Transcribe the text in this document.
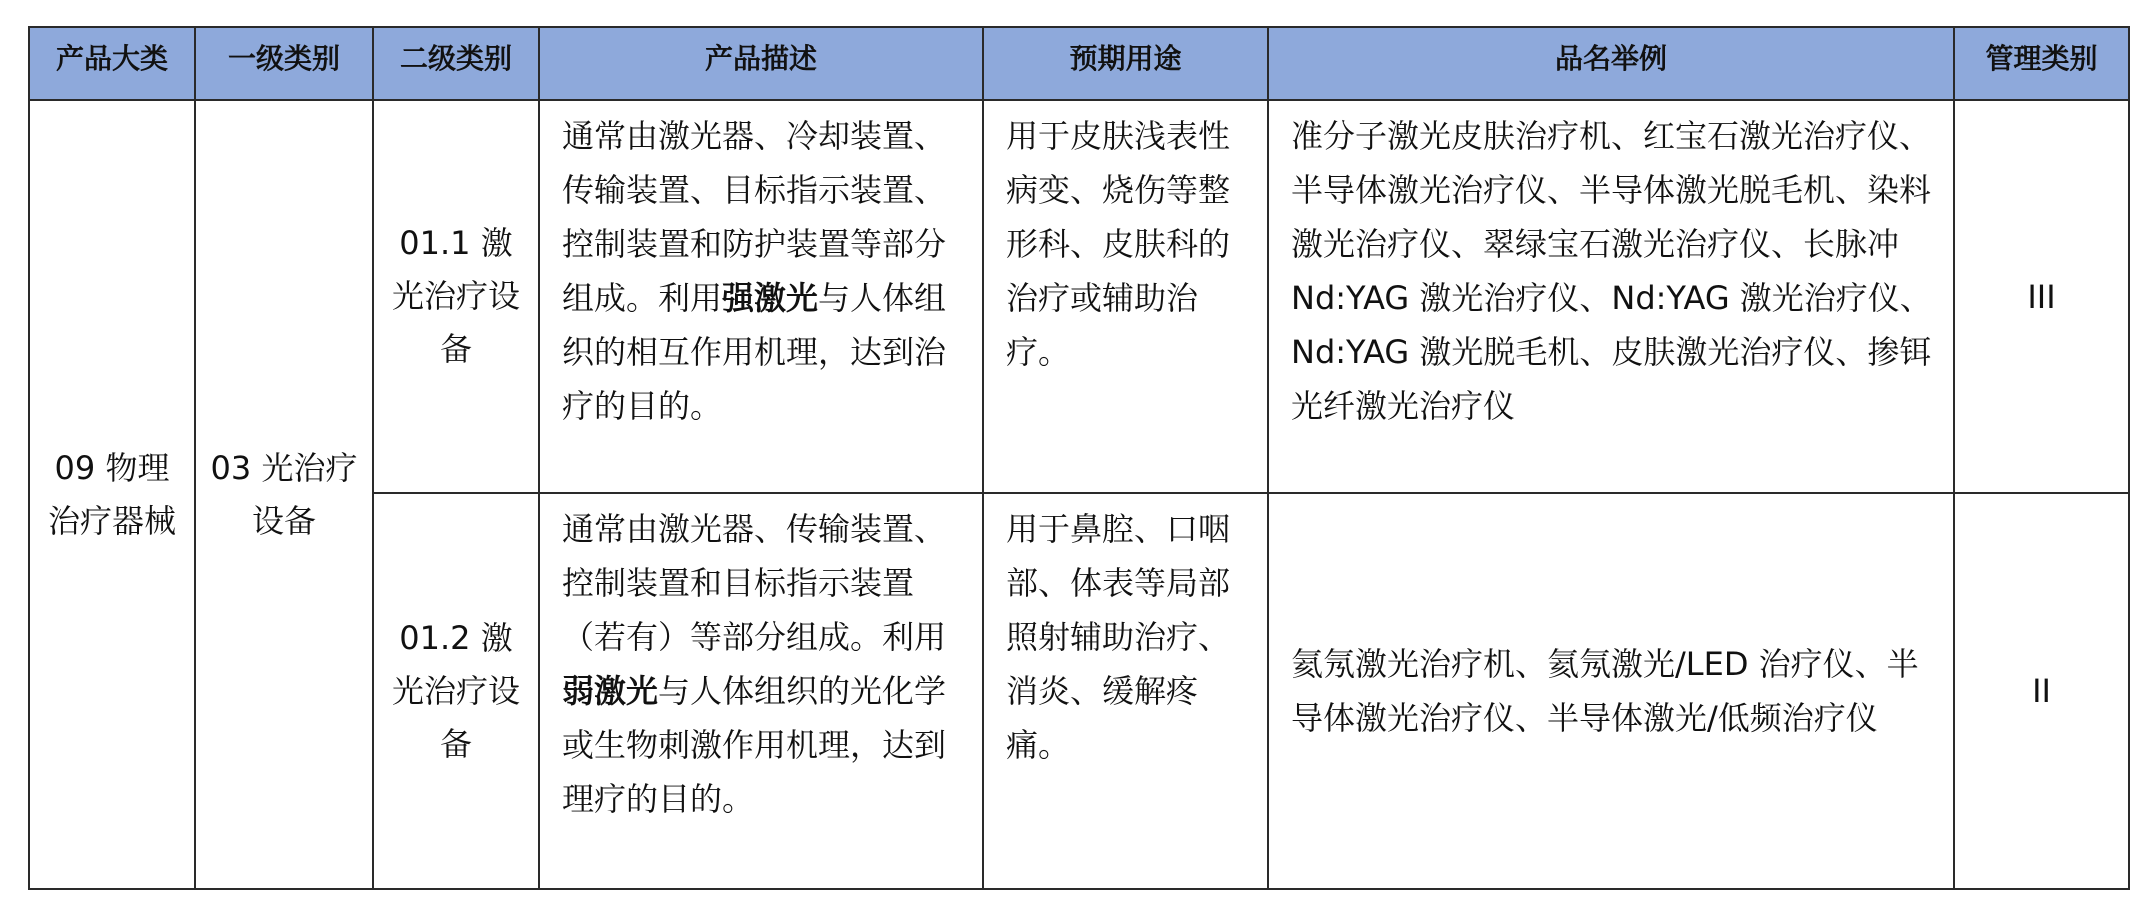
产品大类	一级类别	二级类别	产品描述	预期用途	品名举例	管理类别
09 物理治疗器械	03 光治疗设备	01.1 激光治疗设备	通常由激光器、冷却装置、传输装置、目标指示装置、控制装置和防护装置等部分组成。利用强激光与人体组织的相互作用机理，达到治疗的目的。	用于皮肤浅表性病变、烧伤等整形科、皮肤科的治疗或辅助治疗。	准分子激光皮肤治疗机、红宝石激光治疗仪、半导体激光治疗仪、半导体激光脱毛机、染料激光治疗仪、翠绿宝石激光治疗仪、长脉冲 Nd:YAG 激光治疗仪、Nd:YAG 激光治疗仪、Nd:YAG 激光脱毛机、皮肤激光治疗仪、掺铒光纤激光治疗仪	III
		01.2 激光治疗设备	通常由激光器、传输装置、控制装置和目标指示装置（若有）等部分组成。利用弱激光与人体组织的光化学或生物刺激作用机理，达到理疗的目的。	用于鼻腔、口咽部、体表等局部照射辅助治疗、消炎、缓解疼痛。	氦氖激光治疗机、氦氖激光/LED 治疗仪、半导体激光治疗仪、半导体激光/低频治疗仪	II
